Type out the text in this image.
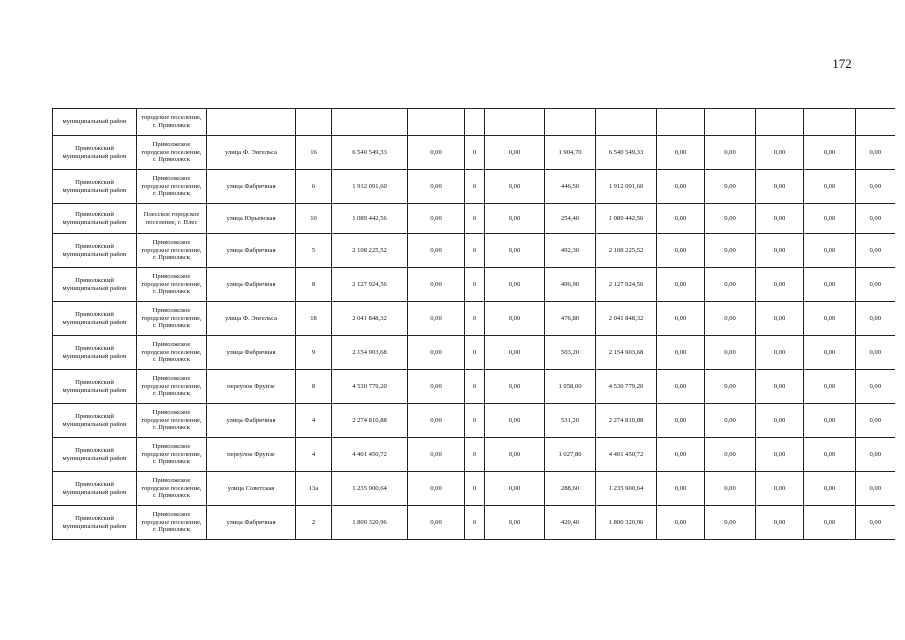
172
муниципальный район	городское поселение, г. Приволжск													
Приволжский муниципальный район	Приволжское городское поселение, г. Приволжск	улица Ф. Энгельса	16	6 540 549,33	0,00	0	0,00	1 904,70	6 540 549,33	0,00	0,00	0,00	0,00	0,00
Приволжский муниципальный район	Приволжское городское поселение, г. Приволжск	улица Фабричная	6	1 912 091,60	0,00	0	0,00	446,50	1 912 091,60	0,00	0,00	0,00	0,00	0,00
Приволжский муниципальный район	Плесское городское поселение, г. Плес	улица Юрьевская	10	1 089 442,56	0,00	0	0,00	254,40	1 089 442,56	0,00	0,00	0,00	0,00	0,00
Приволжский муниципальный район	Приволжское городское поселение, г. Приволжск	улица Фабричная	5	2 108 225,52	0,00	0	0,00	492,30	2 108 225,52	0,00	0,00	0,00	0,00	0,00
Приволжский муниципальный район	Приволжское городское поселение, г. Приволжск	улица Фабричная	8	2 127 924,56	0,00	0	0,00	496,90	2 127 924,56	0,00	0,00	0,00	0,00	0,00
Приволжский муниципальный район	Приволжское городское поселение, г. Приволжск	улица Ф. Энгельса	18	2 041 848,32	0,00	0	0,00	476,80	2 041 848,32	0,00	0,00	0,00	0,00	0,00
Приволжский муниципальный район	Приволжское городское поселение, г. Приволжск	улица Фабричная	9	2 154 903,68	0,00	0	0,00	503,20	2 154 903,68	0,00	0,00	0,00	0,00	0,00
Приволжский муниципальный район	Приволжское городское поселение, г. Приволжск	переулок Фрунзе	8	4 530 779,20	0,00	0	0,00	1 058,00	4 530 779,20	0,00	0,00	0,00	0,00	0,00
Приволжский муниципальный район	Приволжское городское поселение, г. Приволжск	улица Фабричная	4	2 274 810,88	0,00	0	0,00	531,20	2 274 810,88	0,00	0,00	0,00	0,00	0,00
Приволжский муниципальный район	Приволжское городское поселение, г. Приволжск	переулок Фрунзе	4	4 401 450,72	0,00	0	0,00	1 027,80	4 401 450,72	0,00	0,00	0,00	0,00	0,00
Приволжский муниципальный район	Приволжское городское поселение, г. Приволжск	улица Советская	13а	1 235 900,64	0,00	0	0,00	288,60	1 235 900,64	0,00	0,00	0,00	0,00	0,00
Приволжский муниципальный район	Приволжское городское поселение, г. Приволжск	улица Фабричная	2	1 800 320,96	0,00	0	0,00	420,40	1 800 320,96	0,00	0,00	0,00	0,00	0,00
